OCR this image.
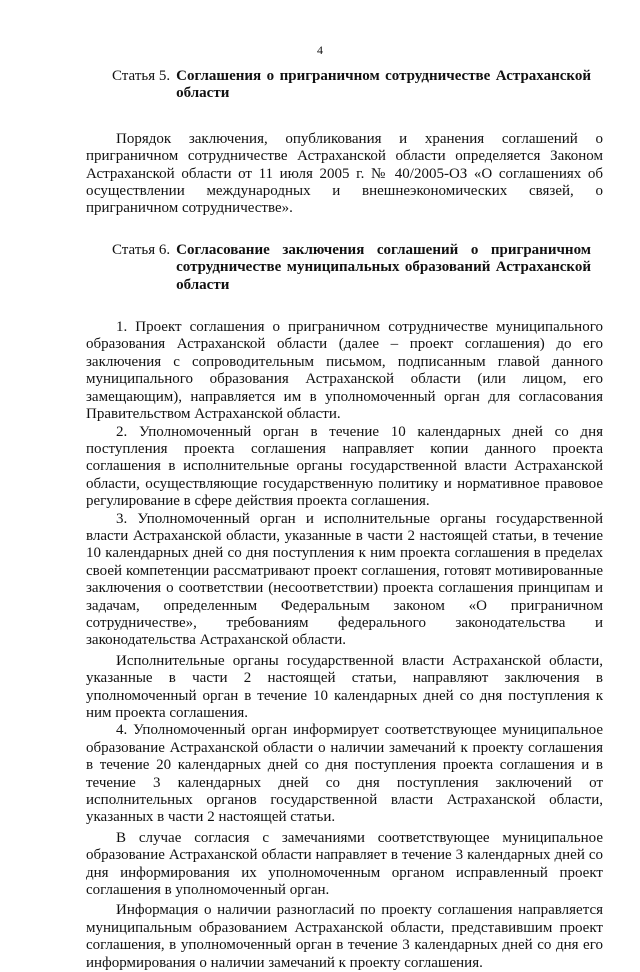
4
Статья 5. Соглашения о приграничном сотрудничестве Астраханской области

Порядок заключения, опубликования и хранения соглашений о приграничном сотрудничестве Астраханской области определяется Законом Астраханской области от 11 июля 2005 г. № 40/2005-ОЗ «О соглашениях об осуществлении международных и внешнеэкономических связей, о приграничном сотрудничестве».

Статья 6. Согласование заключения соглашений о приграничном сотрудничестве муниципальных образований Астраханской области

1. Проект соглашения о приграничном сотрудничестве муниципального образования Астраханской области (далее – проект соглашения) до его заключения с сопроводительным письмом, подписанным главой данного муниципального образования Астраханской области (или лицом, его замещающим), направляется им в уполномоченный орган для согласования Правительством Астраханской области.

2. Уполномоченный орган в течение 10 календарных дней со дня поступления проекта соглашения направляет копии данного проекта соглашения в исполнительные органы государственной власти Астраханской области, осуществляющие государственную политику и нормативное правовое регулирование в сфере действия проекта соглашения.

3. Уполномоченный орган и исполнительные органы государственной власти Астраханской области, указанные в части 2 настоящей статьи, в течение 10 календарных дней со дня поступления к ним проекта соглашения в пределах своей компетенции рассматривают проект соглашения, готовят мотивированные заключения о соответствии (несоответствии) проекта соглашения принципам и задачам, определенным Федеральным законом «О приграничном сотрудничестве», требованиям федерального законодательства и законодательства Астраханской области.

Исполнительные органы государственной власти Астраханской области, указанные в части 2 настоящей статьи, направляют заключения в уполномоченный орган в течение 10 календарных дней со дня поступления к ним проекта соглашения.

4. Уполномоченный орган информирует соответствующее муниципальное образование Астраханской области о наличии замечаний к проекту соглашения в течение 20 календарных дней со дня поступления проекта соглашения и в течение 3 календарных дней со дня поступления заключений от исполнительных органов государственной власти Астраханской области, указанных в части 2 настоящей статьи.

В случае согласия с замечаниями соответствующее муниципальное образование Астраханской области направляет в течение 3 календарных дней со дня информирования их уполномоченным органом исправленный проект соглашения в уполномоченный орган.

Информация о наличии разногласий по проекту соглашения направляется муниципальным образованием Астраханской области, представившим проект соглашения, в уполномоченный орган в течение 3 календарных дней со дня его информирования о наличии замечаний к проекту соглашения.
